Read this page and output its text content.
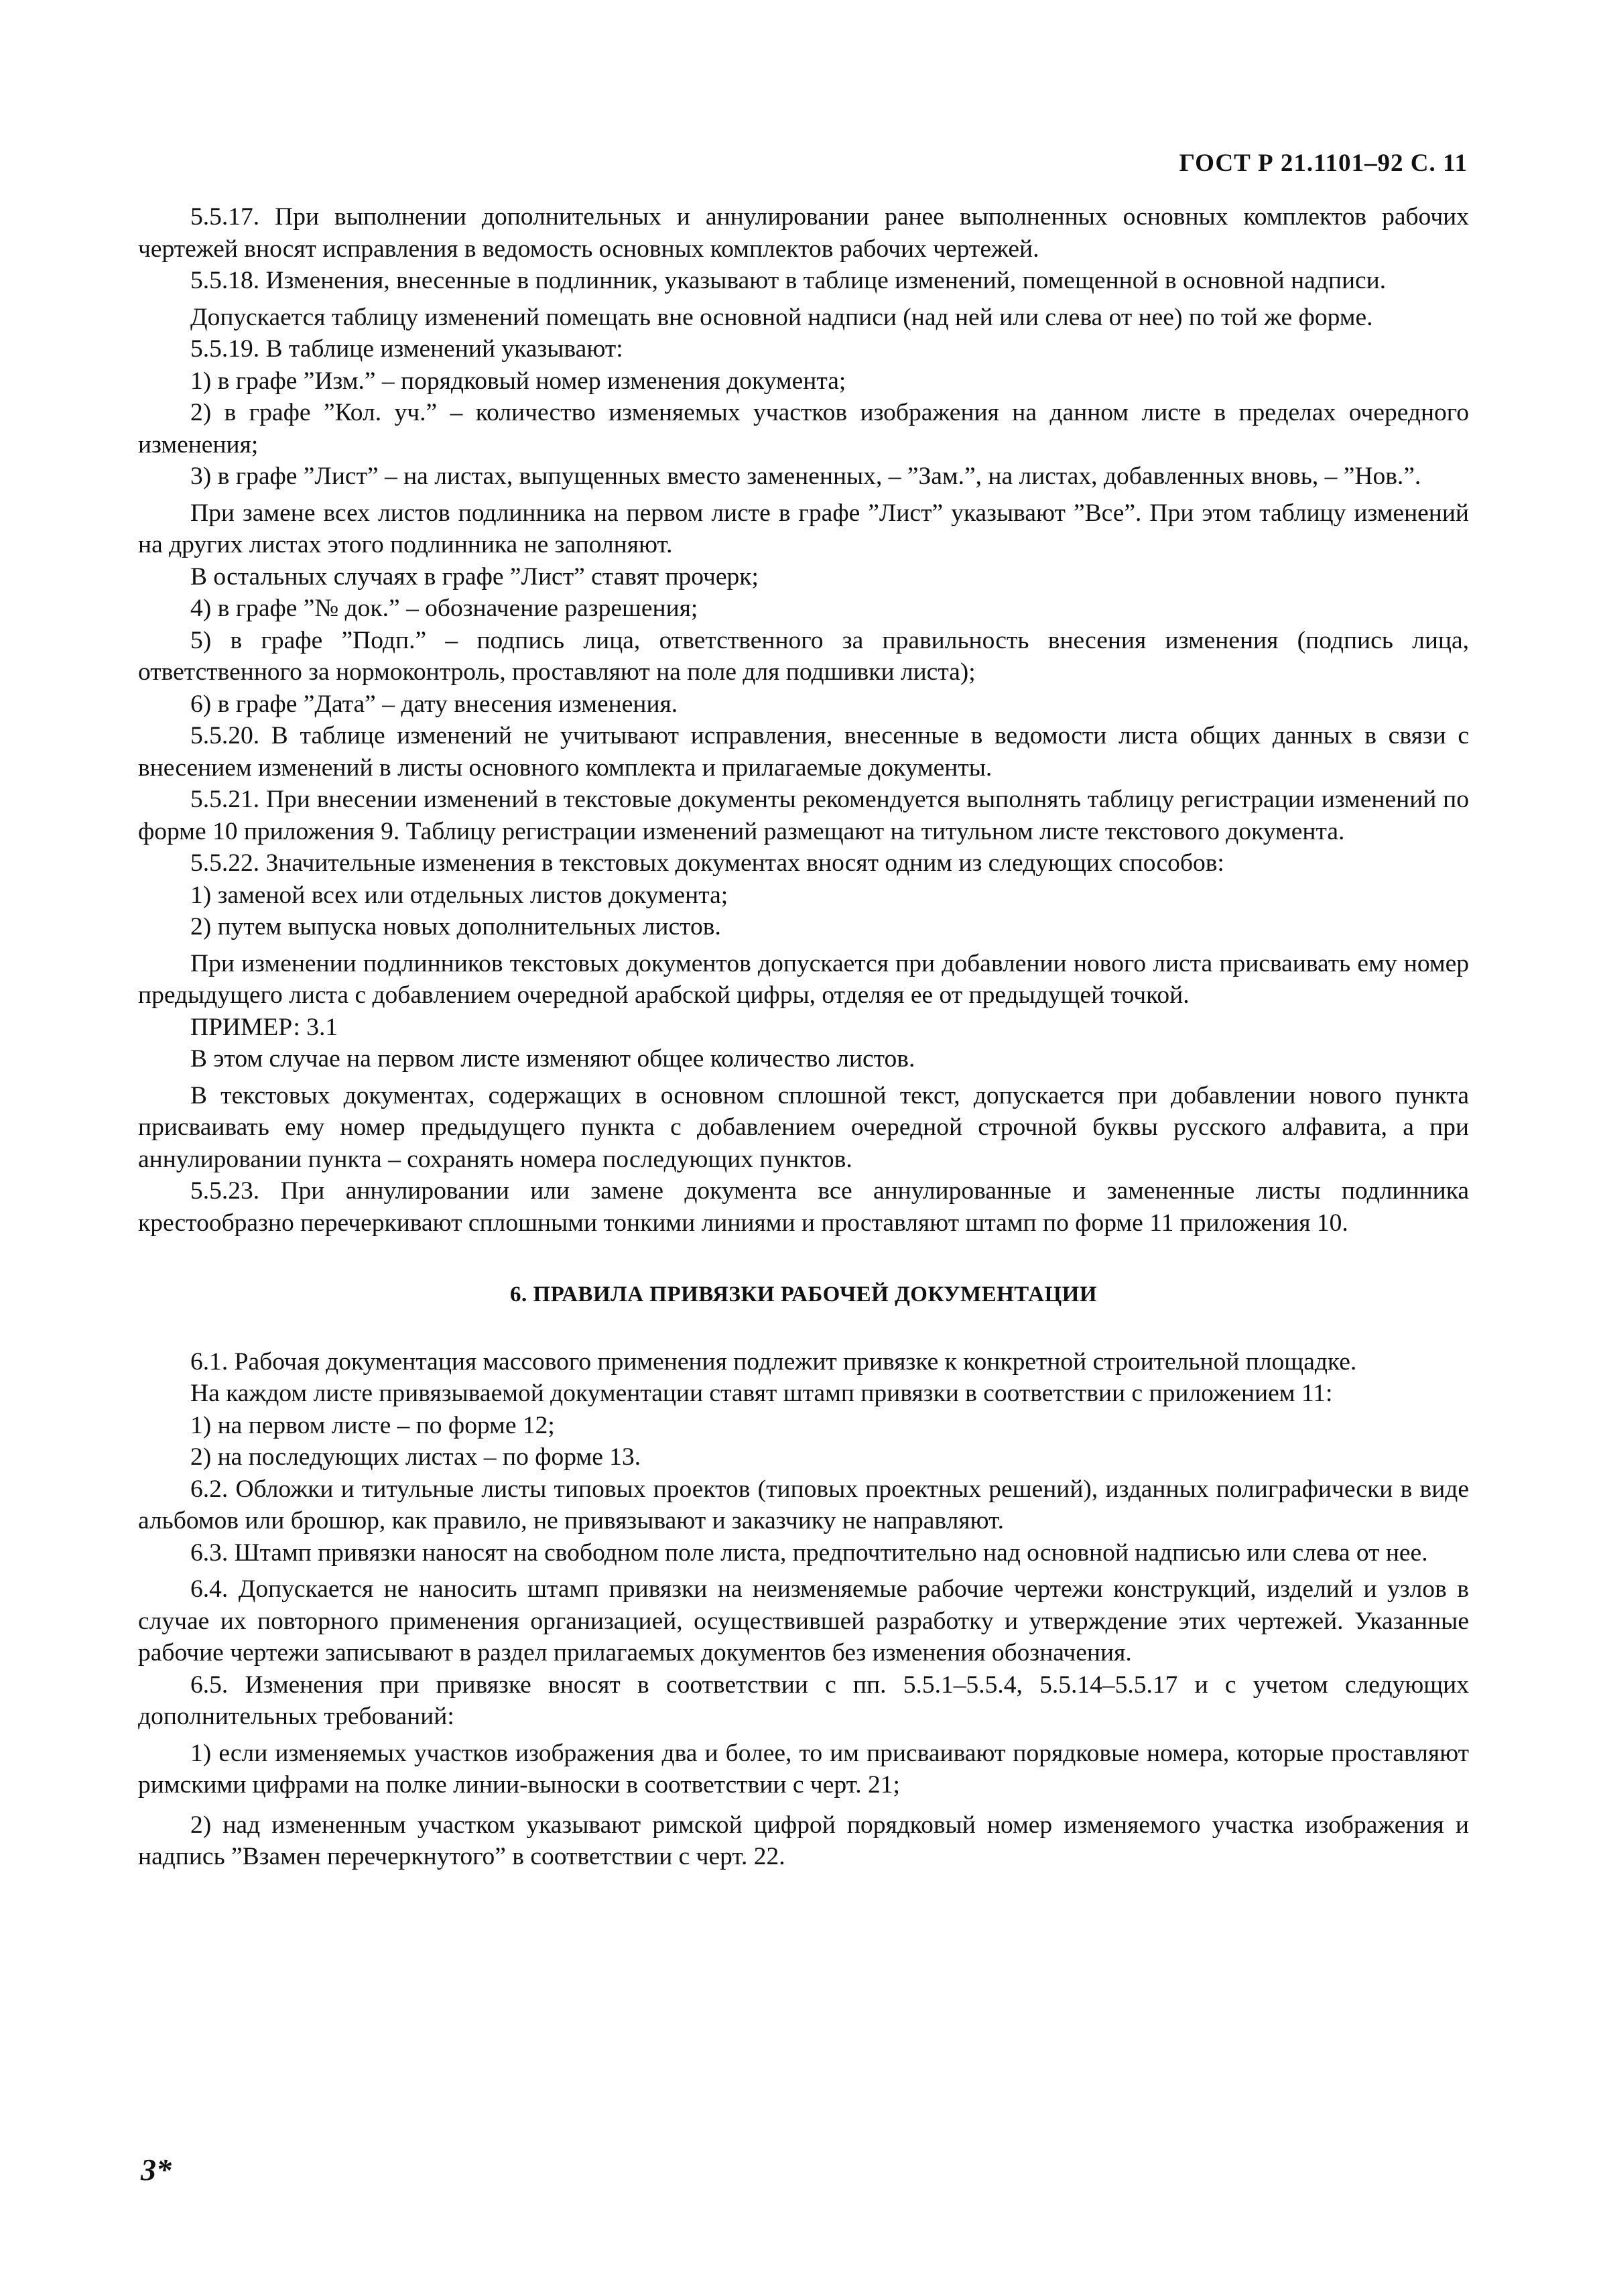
ГОСТ Р 21.1101–92 С. 11

5.5.17. При выполнении дополнительных и аннулировании ранее выполненных основных комплектов рабочих чертежей вносят исправления в ведомость основных комплектов рабочих чертежей.

5.5.18. Изменения, внесенные в подлинник, указывают в таблице изменений, помещенной в основной надписи.

Допускается таблицу изменений помещать вне основной надписи (над ней или слева от нее) по той же форме.

5.5.19. В таблице изменений указывают:

1) в графе ”Изм.” – порядковый номер изменения документа;

2) в графе ”Кол. уч.” – количество изменяемых участков изображения на данном листе в пределах очередного изменения;

3) в графе ”Лист” – на листах, выпущенных вместо замененных, – ”Зам.”, на листах, добавленных вновь, – ”Нов.”.

При замене всех листов подлинника на первом листе в графе ”Лист” указывают ”Все”. При этом таблицу изменений на других листах этого подлинника не заполняют.

В остальных случаях в графе ”Лист” ставят прочерк;

4) в графе ”№ док.” – обозначение разрешения;

5) в графе ”Подп.” – подпись лица, ответственного за правильность внесения изменения (подпись лица, ответственного за нормоконтроль, проставляют на поле для подшивки листа);

6) в графе ”Дата” – дату внесения изменения.

5.5.20. В таблице изменений не учитывают исправления, внесенные в ведомости листа общих данных в связи с внесением изменений в листы основного комплекта и прилагаемые документы.

5.5.21. При внесении изменений в текстовые документы рекомендуется выполнять таблицу регистрации изменений по форме 10 приложения 9. Таблицу регистрации изменений размещают на титульном листе текстового документа.

5.5.22. Значительные изменения в текстовых документах вносят одним из следующих способов:

1) заменой всех или отдельных листов документа;

2) путем выпуска новых дополнительных листов.

При изменении подлинников текстовых документов допускается при добавлении нового листа присваивать ему номер предыдущего листа с добавлением очередной арабской цифры, отделяя ее от предыдущей точкой.

ПРИМЕР: 3.1

В этом случае на первом листе изменяют общее количество листов.

В текстовых документах, содержащих в основном сплошной текст, допускается при добавлении нового пункта присваивать ему номер предыдущего пункта с добавлением очередной строчной буквы русского алфавита, а при аннулировании пункта – сохранять номера последующих пунктов.

5.5.23. При аннулировании или замене документа все аннулированные и замененные листы подлинника крестообразно перечеркивают сплошными тонкими линиями и проставляют штамп по форме 11 приложения 10.

6. ПРАВИЛА ПРИВЯЗКИ РАБОЧЕЙ ДОКУМЕНТАЦИИ

6.1. Рабочая документация массового применения подлежит привязке к конкретной строительной площадке.

На каждом листе привязываемой документации ставят штамп привязки в соответствии с приложением 11:

1) на первом листе – по форме 12;

2) на последующих листах – по форме 13.

6.2. Обложки и титульные листы типовых проектов (типовых проектных решений), изданных полиграфически в виде альбомов или брошюр, как правило, не привязывают и заказчику не направляют.

6.3. Штамп привязки наносят на свободном поле листа, предпочтительно над основной надписью или слева от нее.

6.4. Допускается не наносить штамп привязки на неизменяемые рабочие чертежи конструкций, изделий и узлов в случае их повторного применения организацией, осуществившей разработку и утверждение этих чертежей. Указанные рабочие чертежи записывают в раздел прилагаемых документов без изменения обозначения.

6.5. Изменения при привязке вносят в соответствии с пп. 5.5.1–5.5.4, 5.5.14–5.5.17 и с учетом следующих дополнительных требований:

1) если изменяемых участков изображения два и более, то им присваивают порядковые номера, которые проставляют римскими цифрами на полке линии-выноски в соответствии с черт. 21;

2) над измененным участком указывают римской цифрой порядковый номер изменяемого участка изображения и надпись ”Взамен перечеркнутого” в соответствии с черт. 22.

3*
